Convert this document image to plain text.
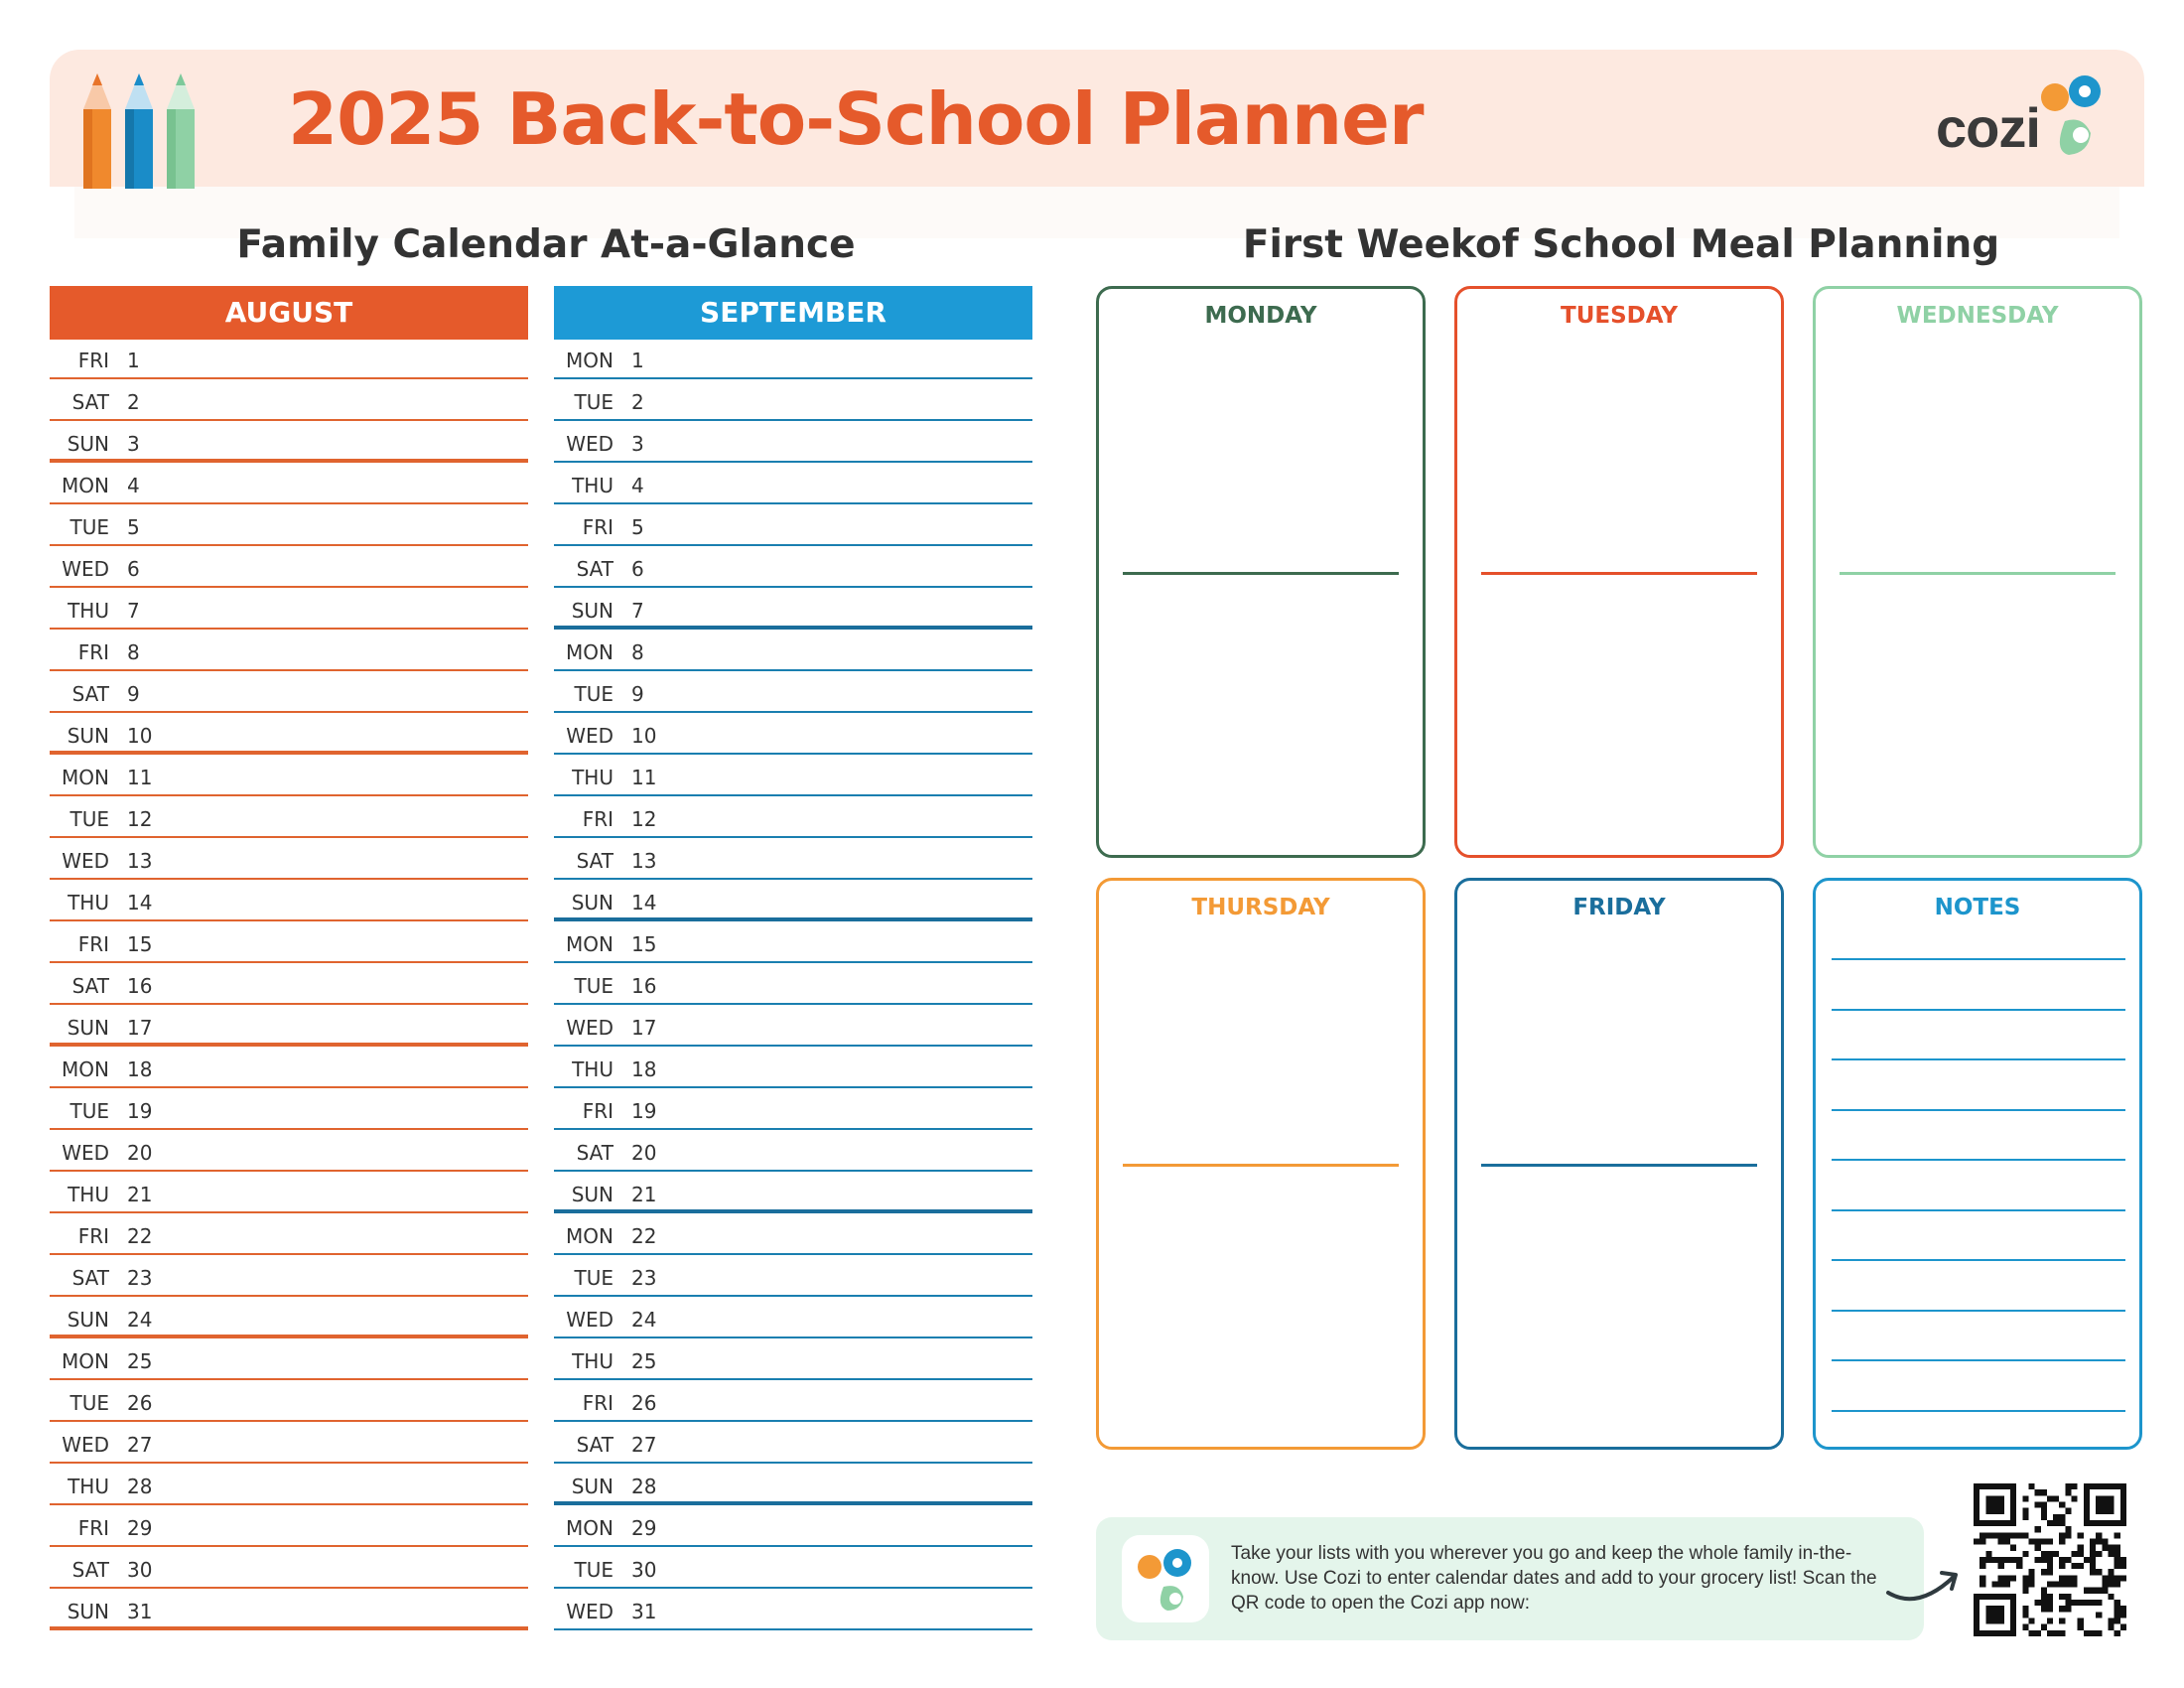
2025 Back-to-School Planner	cozi
Family Calendar At-a-Glance	First Weekof School Meal Planning
AUGUST
FRI 1
SAT 2
SUN 3
MON 4
TUE 5
WED 6
THU 7
FRI 8
SAT 9
SUN 10
MON 11
TUE 12
WED 13
THU 14
FRI 15
SAT 16
SUN 17
MON 18
TUE 19
WED 20
THU 21
FRI 22
SAT 23
SUN 24
MON 25
TUE 26
WED 27
THU 28
FRI 29
SAT 30
SUN 31
SEPTEMBER
MON 1
TUE 2
WED 3
THU 4
FRI 5
SAT 6
SUN 7
MON 8
TUE 9
WED 10
THU 11
FRI 12
SAT 13
SUN 14
MON 15
TUE 16
WED 17
THU 18
FRI 19
SAT 20
SUN 21
MON 22
TUE 23
WED 24
THU 25
FRI 26
SAT 27
SUN 28
MON 29
TUE 30
WED 31
MONDAY	TUESDAY	WEDNESDAY
THURSDAY	FRIDAY	NOTES
Take your lists with you wherever you go and keep the whole family in-the-know. Use Cozi to enter calendar dates and add to your grocery list! Scan the QR code to open the Cozi app now:
